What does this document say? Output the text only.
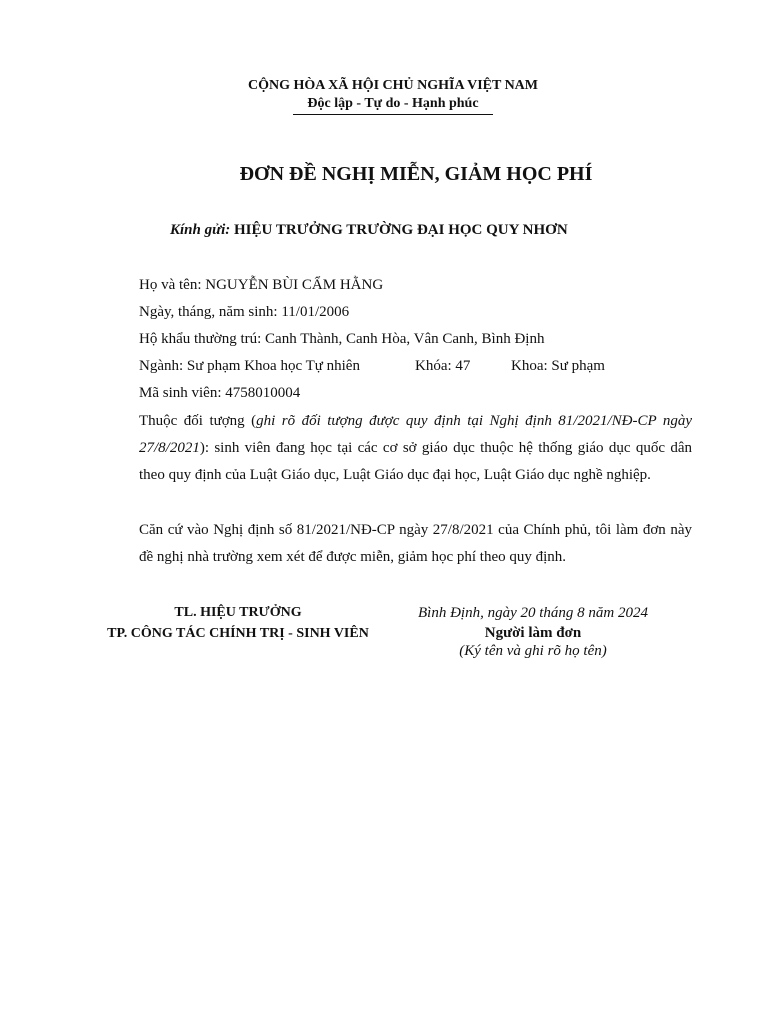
CỘNG HÒA XÃ HỘI CHỦ NGHĨA VIỆT NAM
Độc lập - Tự do - Hạnh phúc
ĐƠN ĐỀ NGHỊ MIỄN, GIẢM HỌC PHÍ
Kính gửi: HIỆU TRƯỞNG TRƯỜNG ĐẠI HỌC QUY NHƠN
Họ và tên: NGUYỄN BÙI CẨM HẰNG
Ngày, tháng, năm sinh: 11/01/2006
Hộ khẩu thường trú: Canh Thành, Canh Hòa, Vân Canh, Bình Định
Ngành: Sư phạm Khoa học Tự nhiên	Khóa: 47	Khoa: Sư phạm
Mã sinh viên: 4758010004
Thuộc đối tượng (ghi rõ đối tượng được quy định tại Nghị định 81/2021/NĐ-CP ngày 27/8/2021): sinh viên đang học tại các cơ sở giáo dục thuộc hệ thống giáo dục quốc dân theo quy định của Luật Giáo dục, Luật Giáo dục đại học, Luật Giáo dục nghề nghiệp.
Căn cứ vào Nghị định số 81/2021/NĐ-CP ngày 27/8/2021 của Chính phủ, tôi làm đơn này đề nghị nhà trường xem xét để được miễn, giảm học phí theo quy định.
TL. HIỆU TRƯỞNG
TP. CÔNG TÁC CHÍNH TRỊ - SINH VIÊN
Bình Định, ngày 20 tháng 8 năm 2024
Người làm đơn
(Ký tên và ghi rõ họ tên)
